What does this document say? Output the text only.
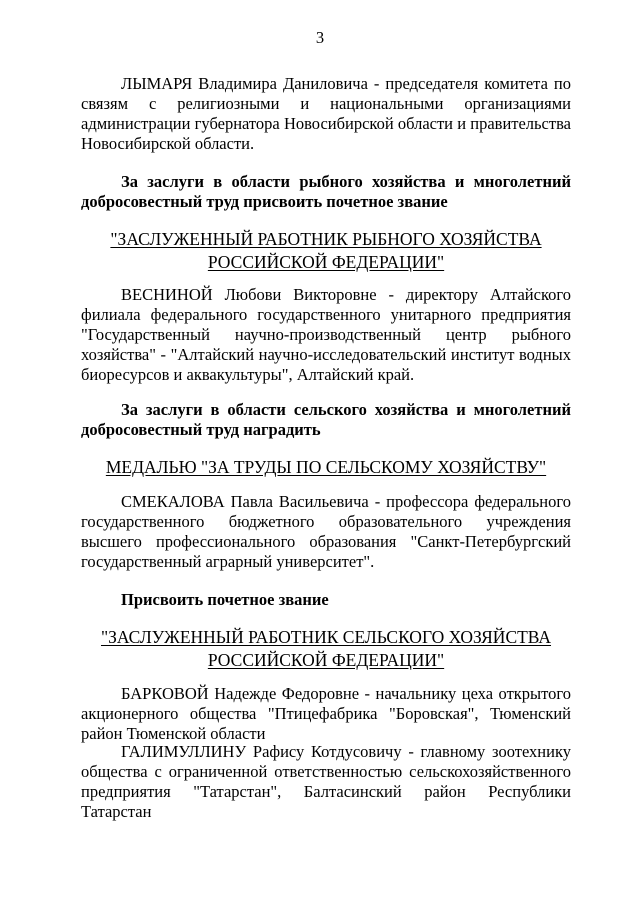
3

ЛЫМАРЯ Владимира Даниловича - председателя комитета по связям с религиозными и национальными организациями администрации губернатора Новосибирской области и правительства Новосибирской области.

За заслуги в области рыбного хозяйства и многолетний добросовестный труд присвоить почетное звание

"ЗАСЛУЖЕННЫЙ РАБОТНИК РЫБНОГО ХОЗЯЙСТВА
РОССИЙСКОЙ ФЕДЕРАЦИИ"

ВЕСНИНОЙ Любови Викторовне - директору Алтайского филиала федерального государственного унитарного предприятия "Государственный научно-производственный центр рыбного хозяйства" - "Алтайский научно-исследовательский институт водных биоресурсов и аквакультуры", Алтайский край.

За заслуги в области сельского хозяйства и многолетний добросовестный труд наградить

МЕДАЛЬЮ "ЗА ТРУДЫ ПО СЕЛЬСКОМУ ХОЗЯЙСТВУ"

СМЕКАЛОВА Павла Васильевича - профессора федерального государственного бюджетного образовательного учреждения высшего профессионального образования "Санкт-Петербургский государственный аграрный университет".

Присвоить почетное звание

"ЗАСЛУЖЕННЫЙ РАБОТНИК СЕЛЬСКОГО ХОЗЯЙСТВА
РОССИЙСКОЙ ФЕДЕРАЦИИ"

БАРКОВОЙ Надежде Федоровне - начальнику цеха открытого акционерного общества "Птицефабрика "Боровская", Тюменский район Тюменской области

ГАЛИМУЛЛИНУ Рафису Котдусовичу - главному зоотехнику общества с ограниченной ответственностью сельскохозяйственного предприятия "Татарстан", Балтасинский район Республики Татарстан
